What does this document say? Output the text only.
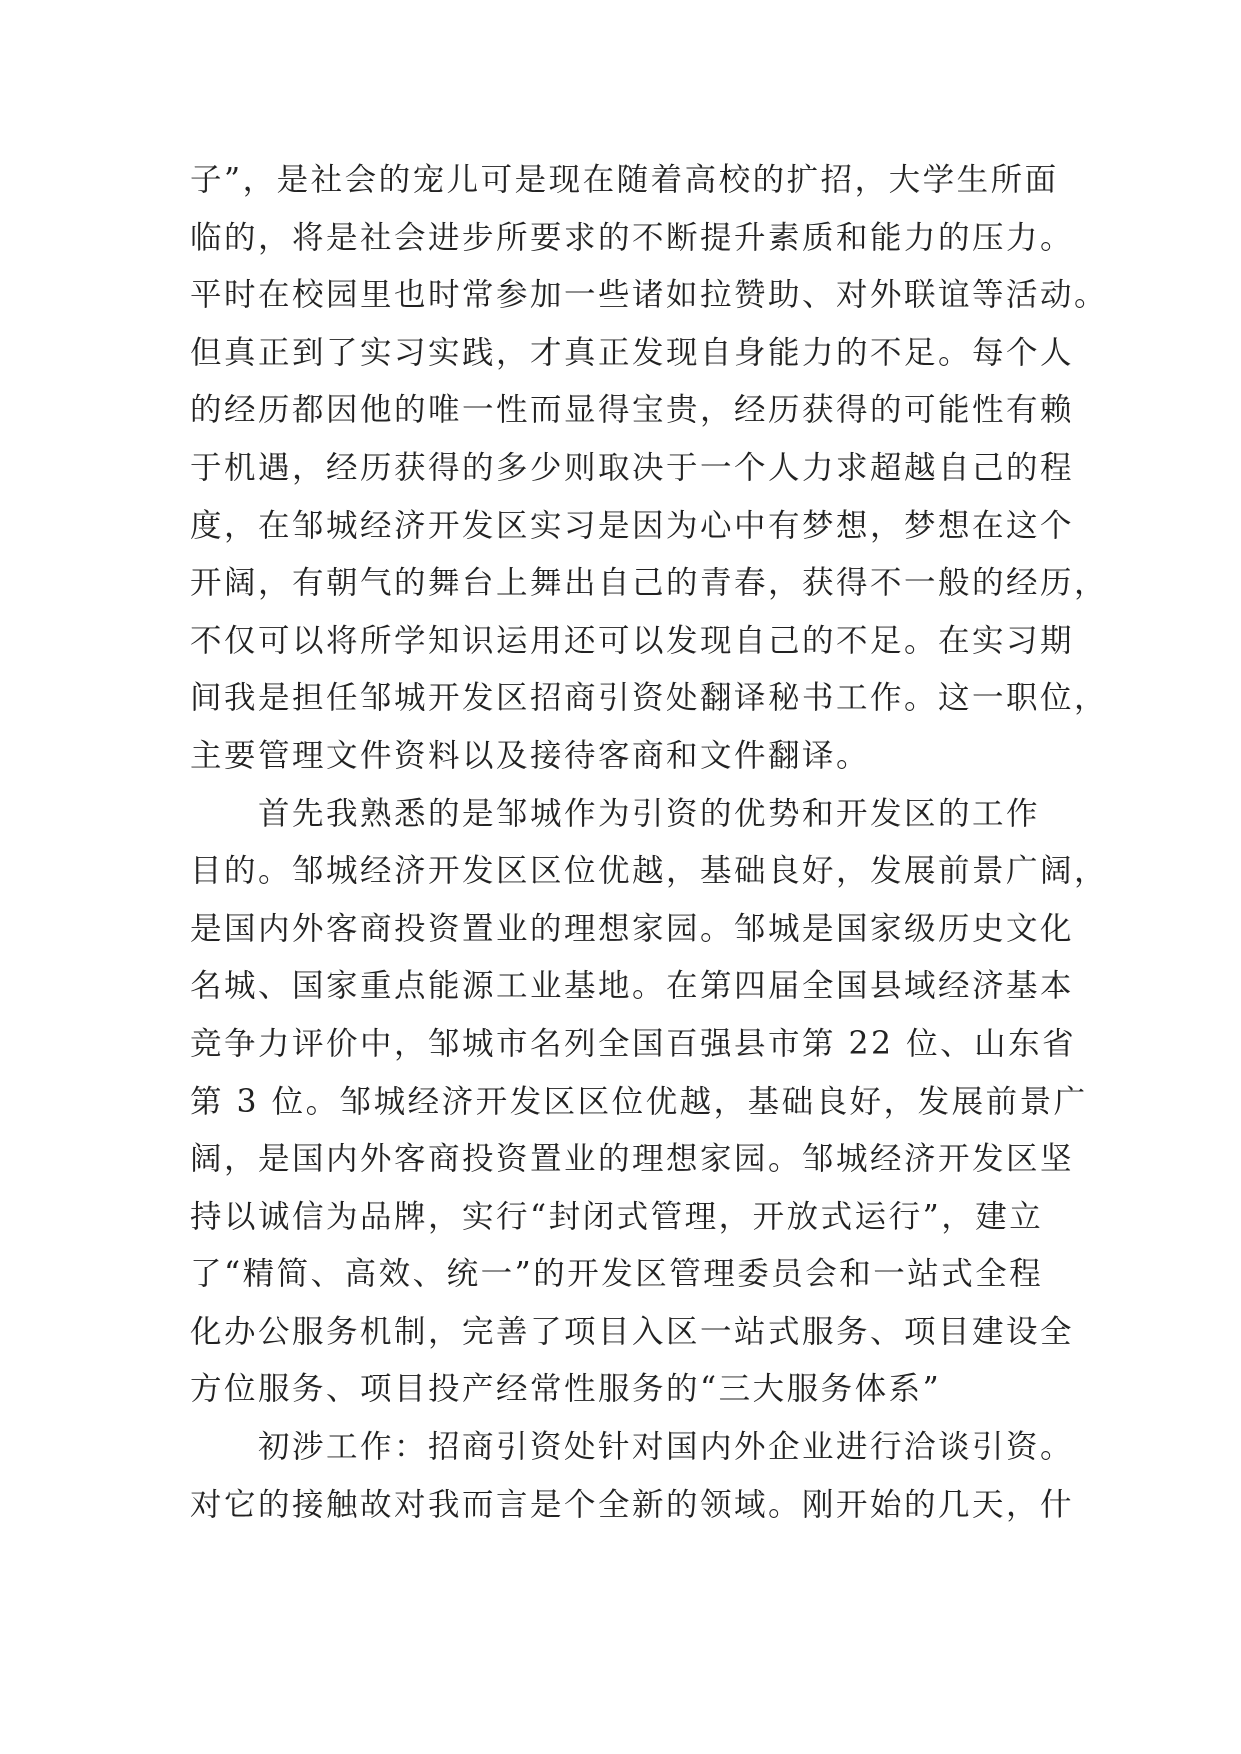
子”，是社会的宠儿可是现在随着高校的扩招，大学生所面
临的，将是社会进步所要求的不断提升素质和能力的压力。
平时在校园里也时常参加一些诸如拉赞助、对外联谊等活动。
但真正到了实习实践，才真正发现自身能力的不足。每个人
的经历都因他的唯一性而显得宝贵，经历获得的可能性有赖
于机遇，经历获得的多少则取决于一个人力求超越自己的程
度，在邹城经济开发区实习是因为心中有梦想，梦想在这个
开阔，有朝气的舞台上舞出自己的青春，获得不一般的经历，
不仅可以将所学知识运用还可以发现自己的不足。在实习期
间我是担任邹城开发区招商引资处翻译秘书工作。这一职位，
主要管理文件资料以及接待客商和文件翻译。
首先我熟悉的是邹城作为引资的优势和开发区的工作
目的。邹城经济开发区区位优越，基础良好，发展前景广阔，
是国内外客商投资置业的理想家园。邹城是国家级历史文化
名城、国家重点能源工业基地。在第四届全国县域经济基本
竞争力评价中，邹城市名列全国百强县市第 22 位、山东省
第 3 位。邹城经济开发区区位优越，基础良好，发展前景广
阔，是国内外客商投资置业的理想家园。邹城经济开发区坚
持以诚信为品牌，实行“封闭式管理，开放式运行”，建立
了“精简、高效、统一”的开发区管理委员会和一站式全程
化办公服务机制，完善了项目入区一站式服务、项目建设全
方位服务、项目投产经常性服务的“三大服务体系”
初涉工作：招商引资处针对国内外企业进行洽谈引资。
对它的接触故对我而言是个全新的领域。刚开始的几天，什
